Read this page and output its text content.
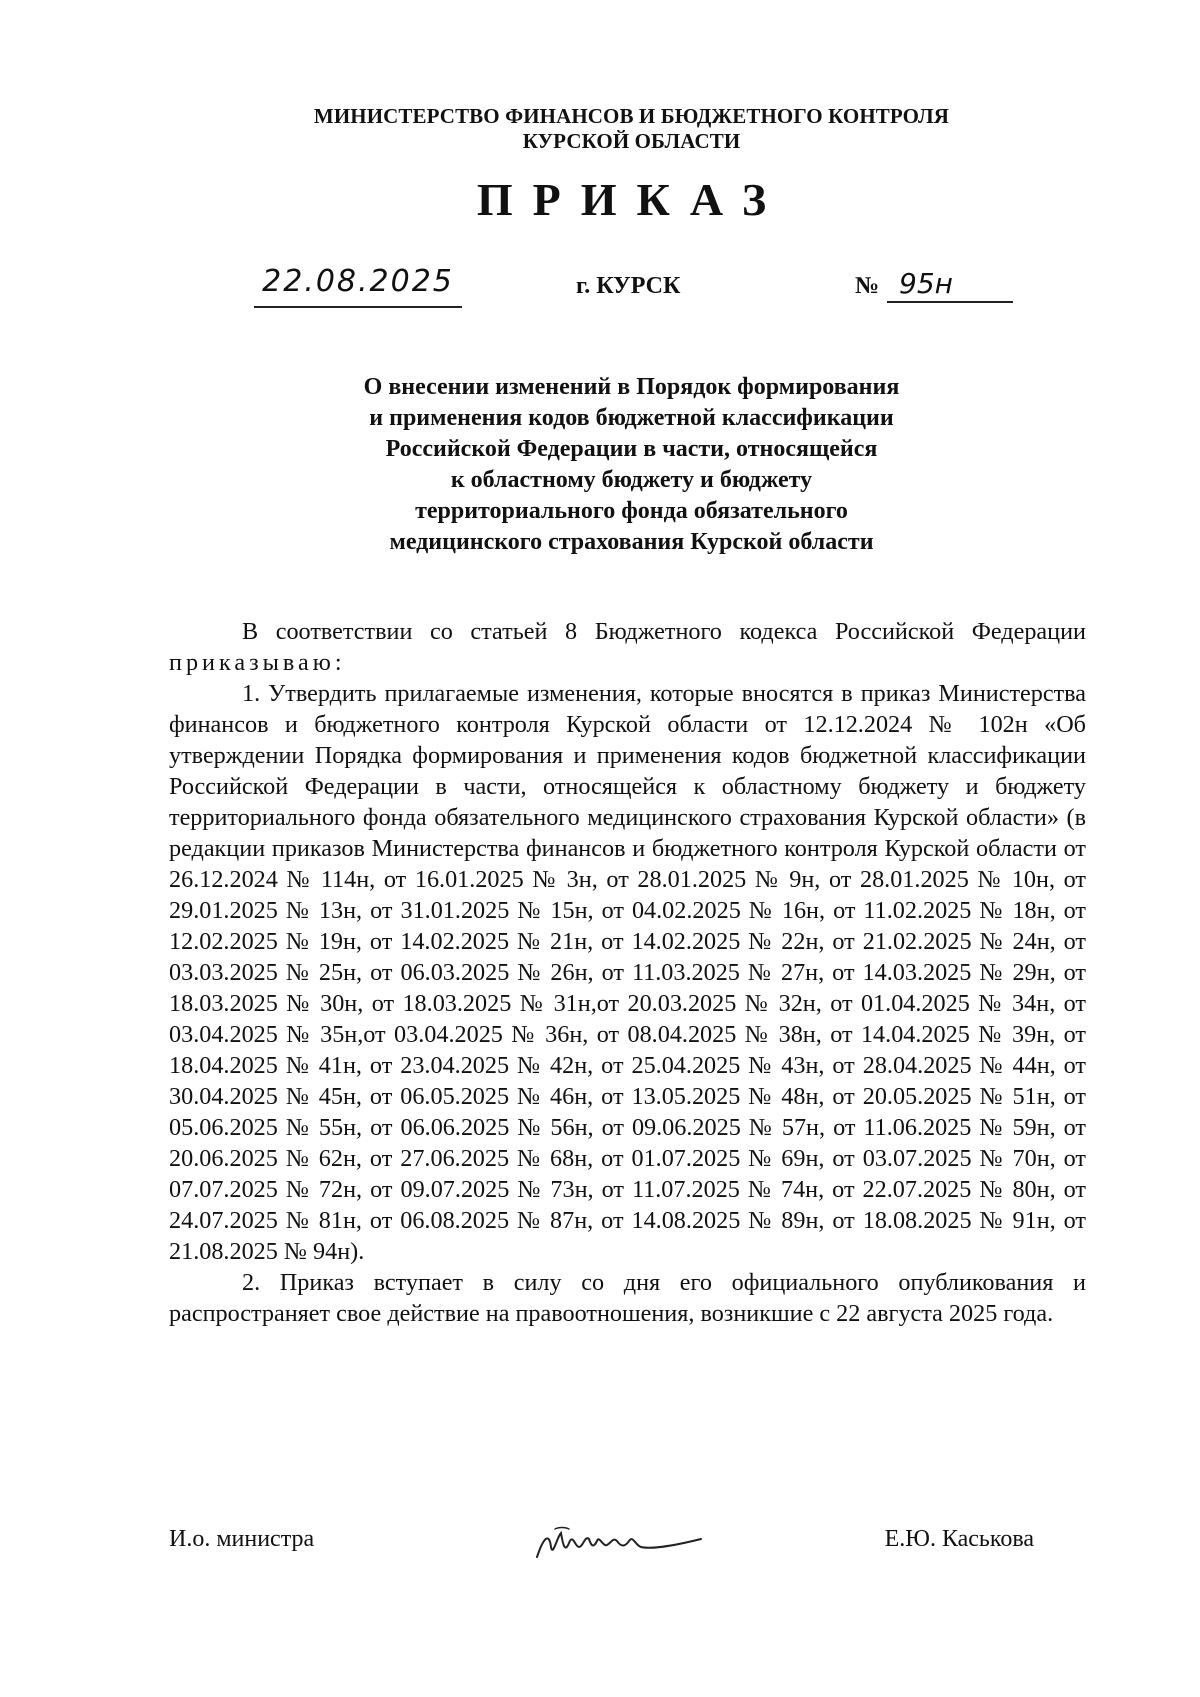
МИНИСТЕРСТВО ФИНАНСОВ И БЮДЖЕТНОГО КОНТРОЛЯ
КУРСКОЙ ОБЛАСТИ
ПРИКАЗ
22.08.2025	г. КУРСК	№ 95н
О внесении изменений в Порядок формирования
и применения кодов бюджетной классификации
Российской Федерации в части, относящейся
к областному бюджету и бюджету
территориального фонда обязательного
медицинского страхования Курской области

В соответствии со статьей 8 Бюджетного кодекса Российской Федерации приказываю:

1. Утвердить прилагаемые изменения, которые вносятся в приказ Министерства финансов и бюджетного контроля Курской области от 12.12.2024 № 102н «Об утверждении Порядка формирования и применения кодов бюджетной классификации Российской Федерации в части, относящейся к областному бюджету и бюджету территориального фонда обязательного медицинского страхования Курской области» (в редакции приказов Министерства финансов и бюджетного контроля Курской области от 26.12.2024 № 114н, от 16.01.2025 № 3н, от 28.01.2025 № 9н, от 28.01.2025 № 10н, от 29.01.2025 № 13н, от 31.01.2025 № 15н, от 04.02.2025 № 16н, от 11.02.2025 № 18н, от 12.02.2025 № 19н, от 14.02.2025 № 21н, от 14.02.2025 № 22н, от 21.02.2025 № 24н, от 03.03.2025 № 25н, от 06.03.2025 № 26н, от 11.03.2025 № 27н, от 14.03.2025 № 29н, от 18.03.2025 № 30н, от 18.03.2025 № 31н,от 20.03.2025 № 32н, от 01.04.2025 № 34н, от 03.04.2025 № 35н,от 03.04.2025 № 36н, от 08.04.2025 № 38н, от 14.04.2025 № 39н, от 18.04.2025 № 41н, от 23.04.2025 № 42н, от 25.04.2025 № 43н, от 28.04.2025 № 44н, от 30.04.2025 № 45н, от 06.05.2025 № 46н, от 13.05.2025 № 48н, от 20.05.2025 № 51н, от 05.06.2025 № 55н, от 06.06.2025 № 56н, от 09.06.2025 № 57н, от 11.06.2025 № 59н, от 20.06.2025 № 62н, от 27.06.2025 № 68н, от 01.07.2025 № 69н, от 03.07.2025 № 70н, от 07.07.2025 № 72н, от 09.07.2025 № 73н, от 11.07.2025 № 74н, от 22.07.2025 № 80н, от 24.07.2025 № 81н, от 06.08.2025 № 87н, от 14.08.2025 № 89н, от 18.08.2025 № 91н, от 21.08.2025 № 94н).

2. Приказ вступает в силу со дня его официального опубликования и распространяет свое действие на правоотношения, возникшие с 22 августа 2025 года.

И.о. министра	Е.Ю. Каськова
